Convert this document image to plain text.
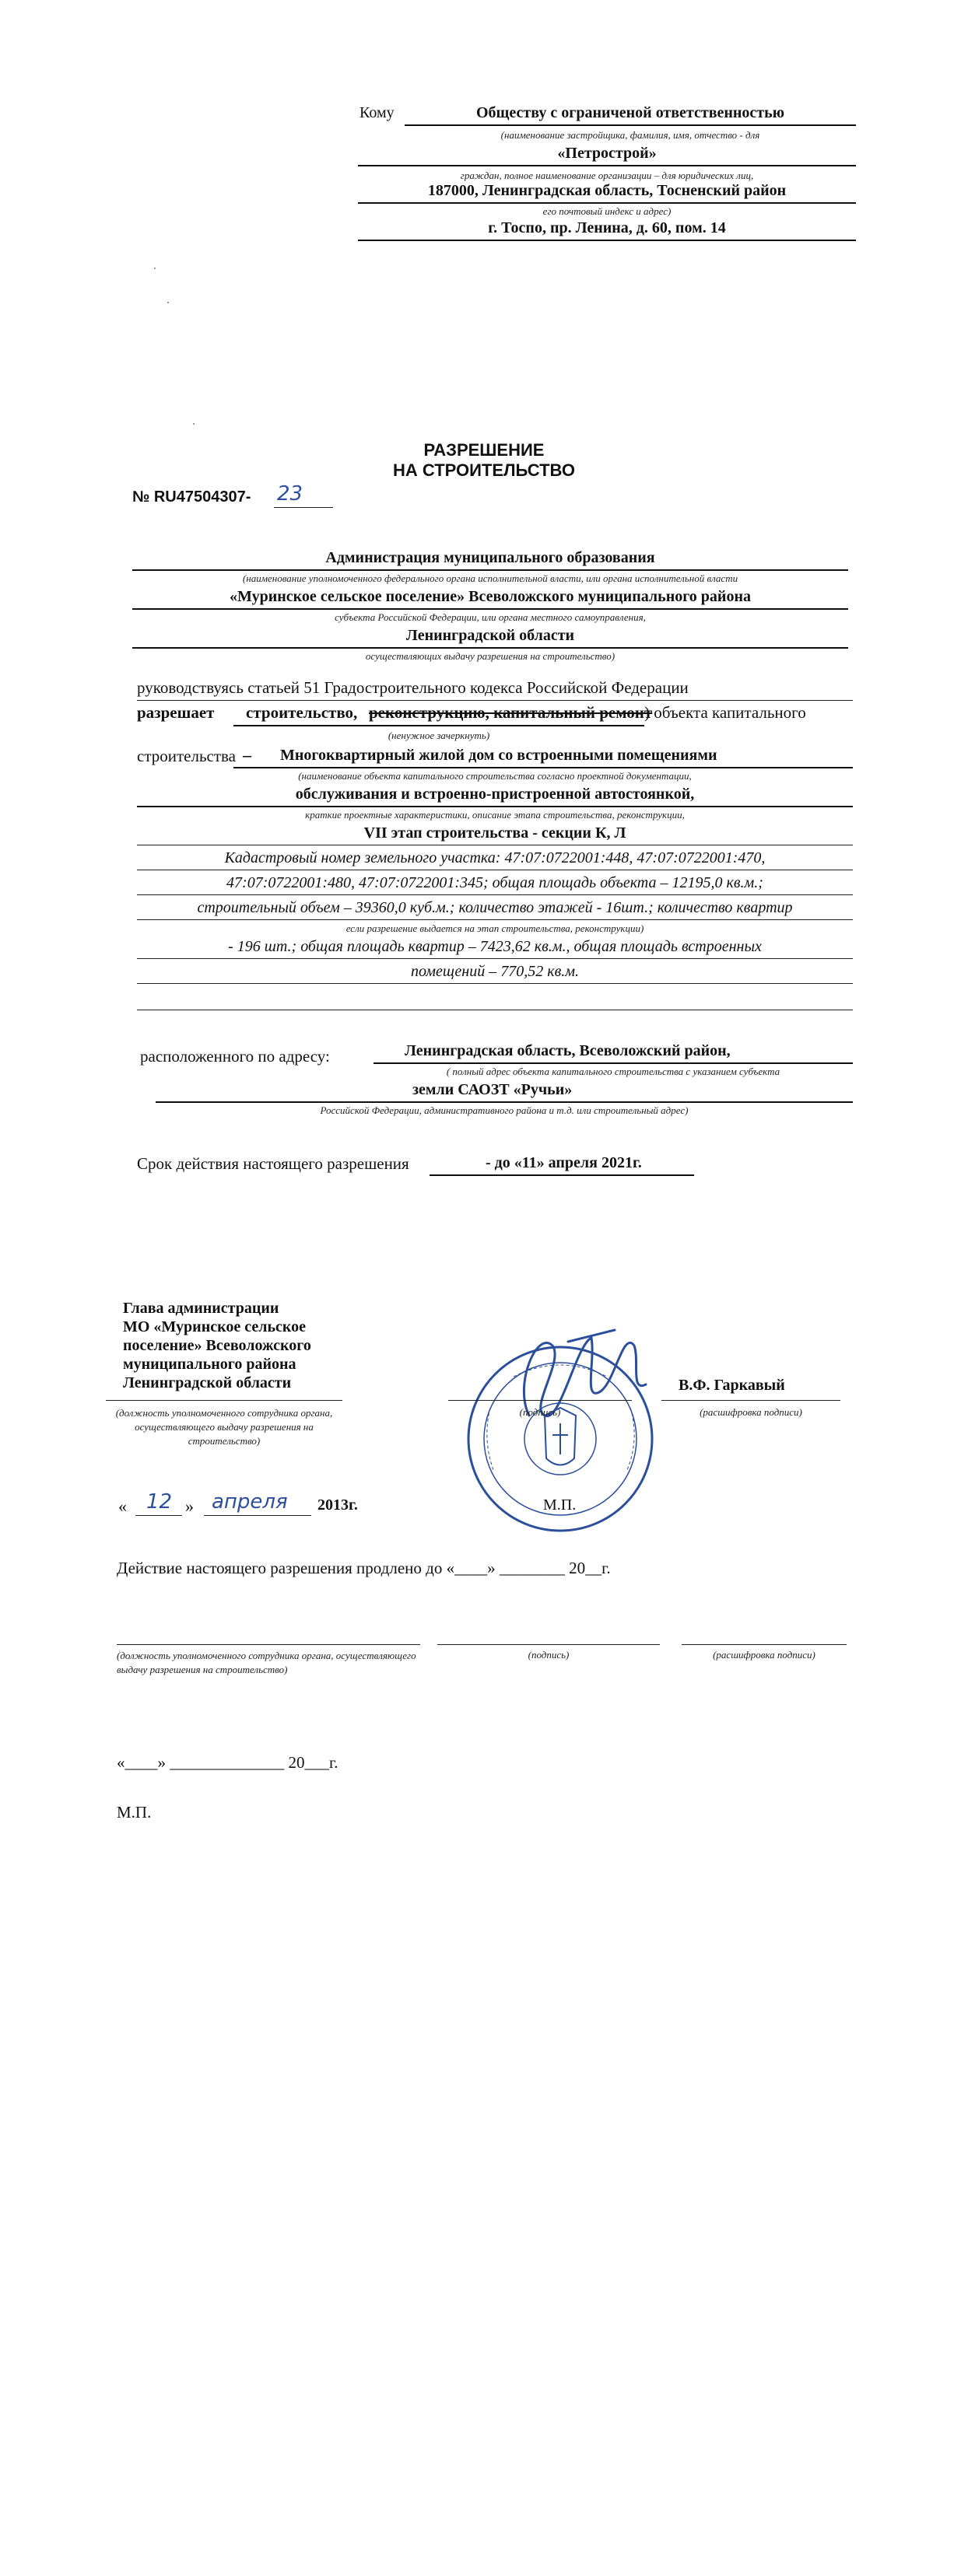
Кому	Обществу с ограниченой ответственностью
(наименование застройщика, фамилия, имя, отчество - для
«Петрострой»
граждан, полное наименование организации – для юридических лиц,
187000, Ленинградская область, Тосненский район
его почтовый индекс и адрес)
г. Тоспо, пр. Ленина, д. 60, пом. 14
РАЗРЕШЕНИЕ
НА СТРОИТЕЛЬСТВО
№ RU47504307- 23
Администрация муниципального образования
(наименование уполномоченного федерального органа исполнительной власти, или органа исполнительной власти
«Муринское сельское поселение» Всеволожского муниципального района
субъекта Российской Федерации, или органа местного самоуправления,
Ленинградской области
осуществляющих выдачу разрешения на строительство)
руководствуясь статьей 51 Градостроительного кодекса Российской Федерации
разрешает строительство, реконструкцию, капитальный ремонт
) объекта капитального
(ненужное зачеркнуть)
строительства – Многоквартирный жилой дом со встроенными помещениями
(наименование объекта капитального строительства согласно проектной документации,
обслуживания и встроенно-пристроенной автостоянкой,
краткие проектные характеристики, описание этапа строительства, реконструкции,
VII этап строительства - секции К, Л
Кадастровый номер земельного участка: 47:07:0722001:448, 47:07:0722001:470,
47:07:0722001:480, 47:07:0722001:345; общая площадь объекта – 12195,0 кв.м.;
строительный объем – 39360,0 куб.м.; количество этажей - 16шт.; количество квартир
если разрешение выдается на этап строительства, реконструкции)
- 196 шт.; общая площадь квартир – 7423,62 кв.м., общая площадь встроенных
помещений – 770,52 кв.м.
расположенного по адресу:	Ленинградская область, Всеволожский район,
( полный адрес объекта капитального строительства с указанием субъекта
земли САОЗТ «Ручьи»
Российской Федерации, административного района и т.д. или строительный адрес)
Срок действия настоящего разрешения	- до «11» апреля 2021г.
Глава администрации
МО «Муринское сельское
поселение» Всеволожского
муниципального района
Ленинградской области
(должность уполномоченного сотрудника органа, осуществляющего выдачу разрешения на строительство)
(подпись)
В.Ф. Гаркавый
(расшифровка подписи)
« 12 » апреля 2013г.	М.П.
Действие настоящего разрешения продлено до «____» ________ 20__г.
(должность уполномоченного сотрудника органа, осуществляющего выдачу разрешения на строительство)
(подпись)	(расшифровка подписи)
«____» ______________ 20___г.
М.П.
